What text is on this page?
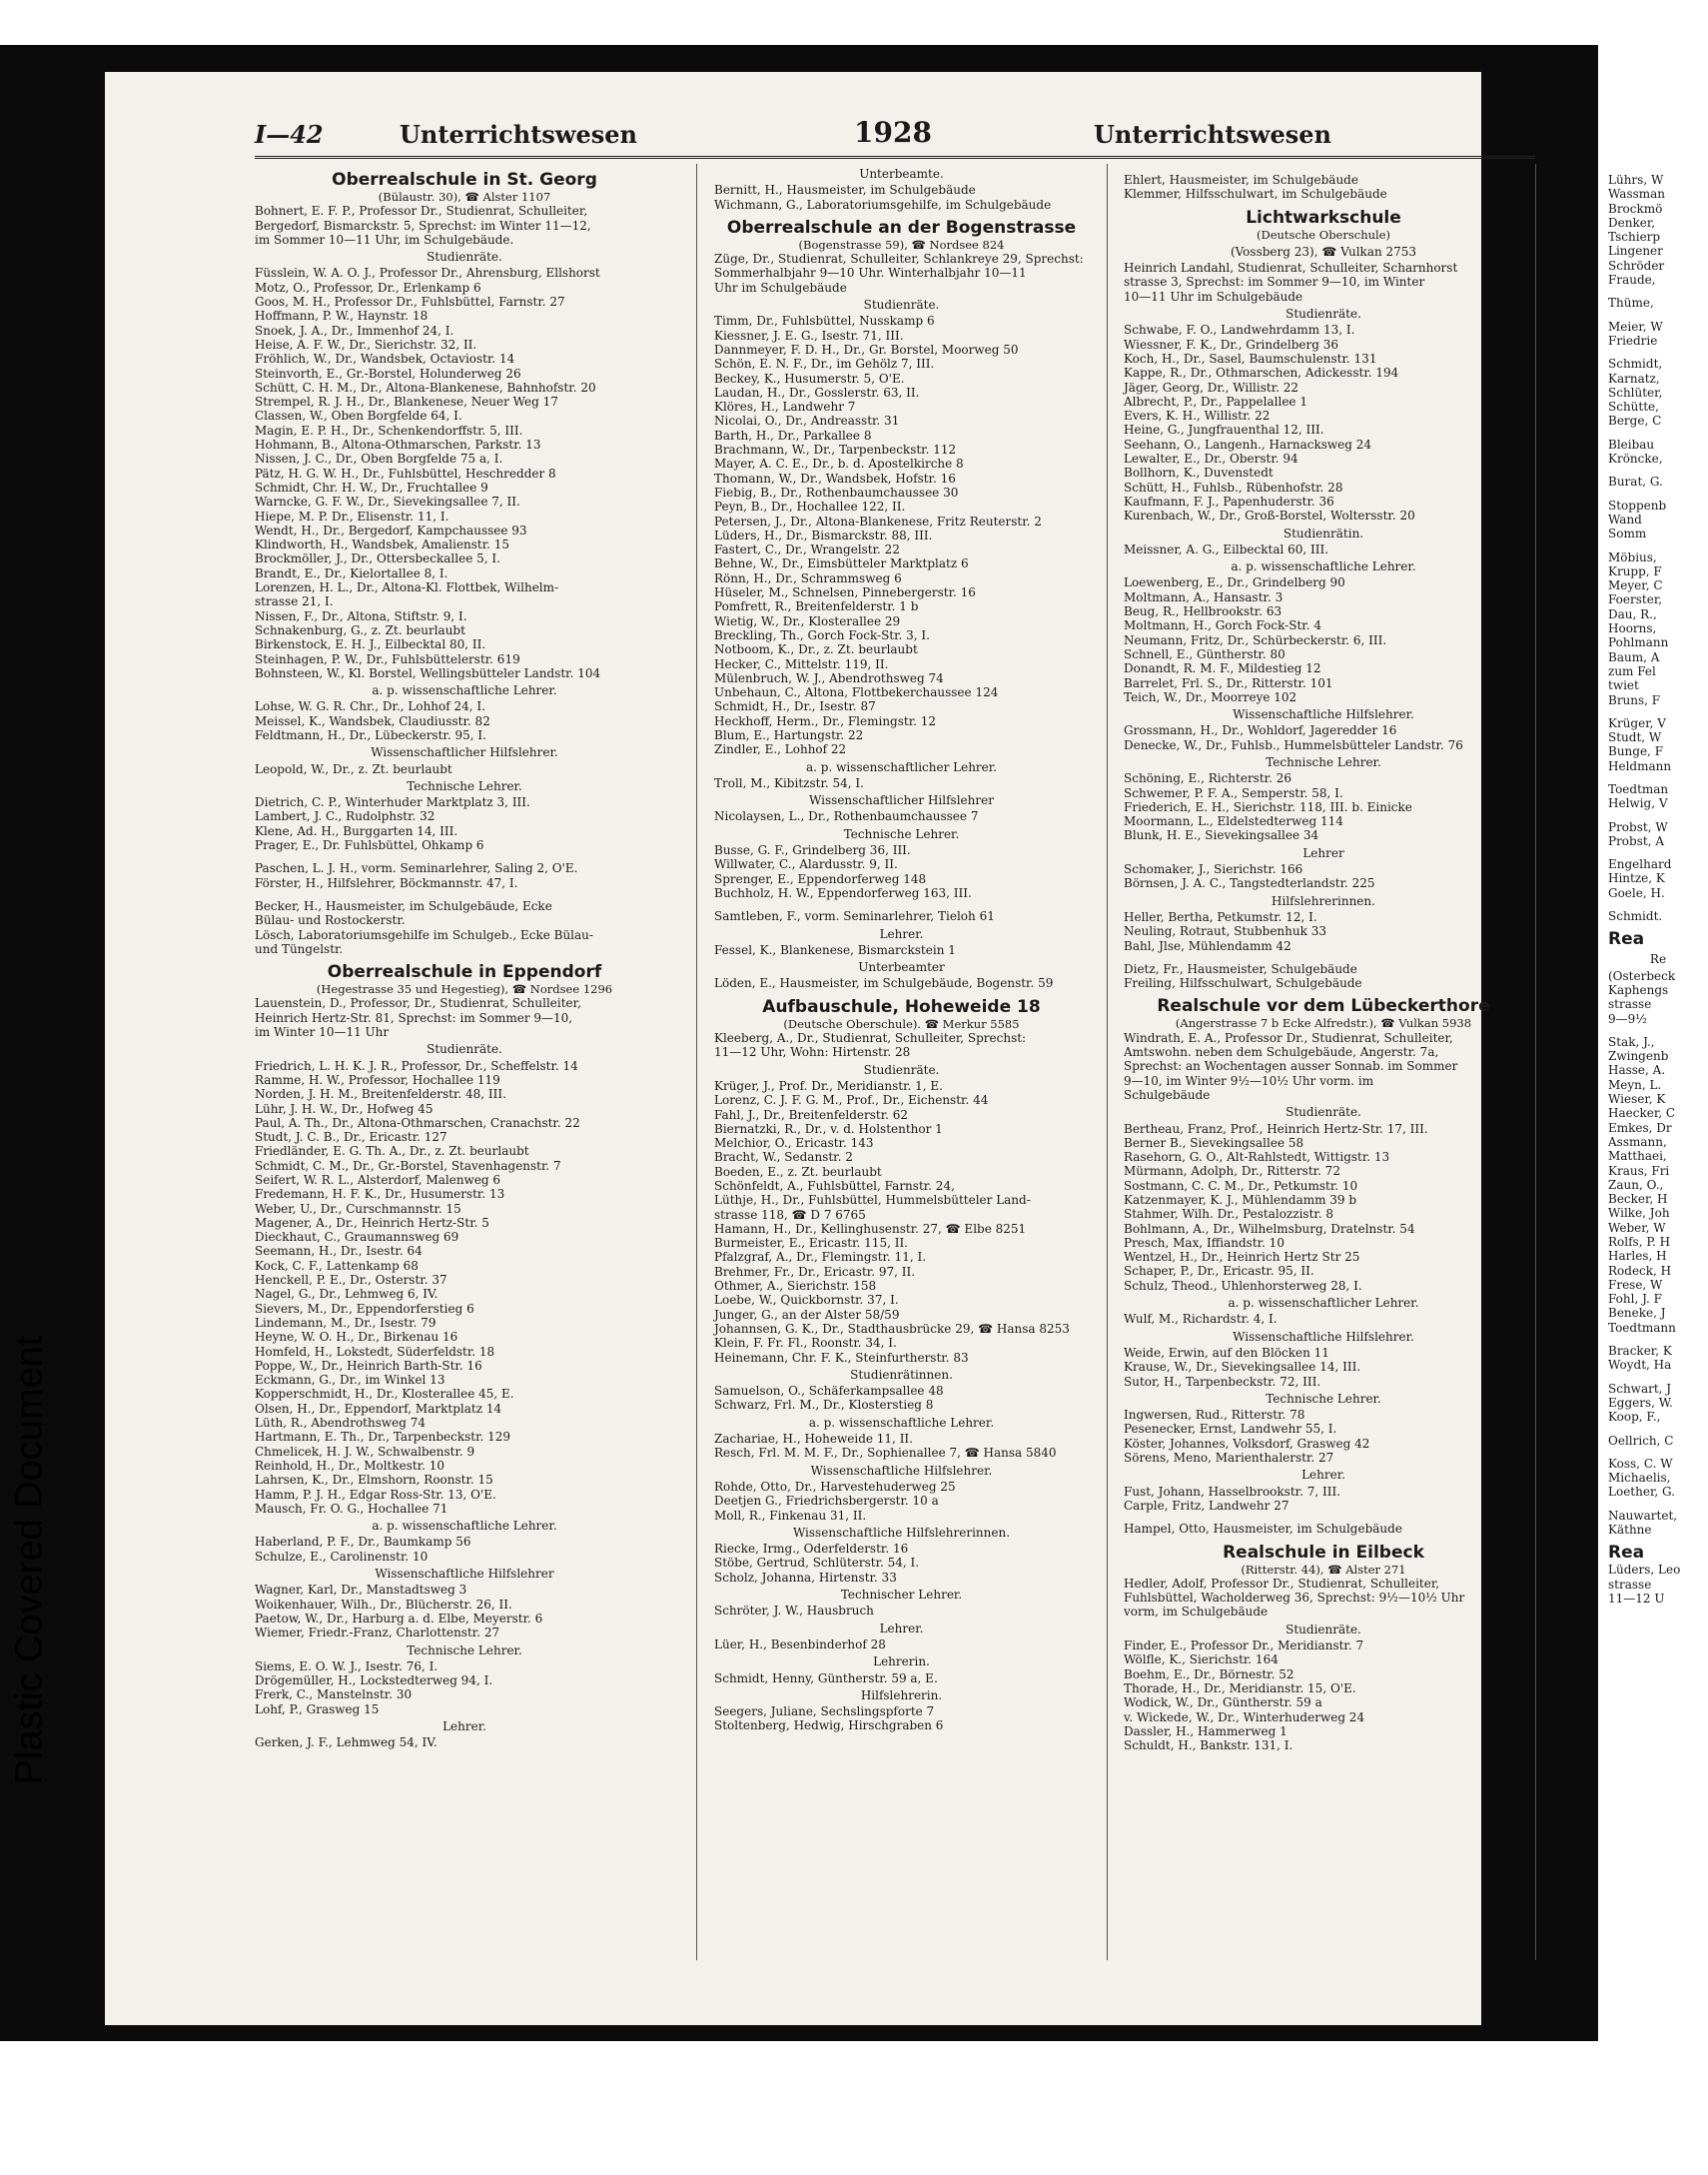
I—42	Unterrichtswesen	1928	Unterrichtswesen
Oberrealschule in St. Georg
(Bülaustr. 30), ☎ Alster 1107
Bohnert, E. F. P., Professor Dr., Studienrat, Schulleiter,
Bergedorf, Bismarckstr. 5, Sprechst: im Winter 11—12,
im Sommer 10—11 Uhr, im Schulgebäude.
Studienräte.
Füsslein, W. A. O. J., Professor Dr., Ahrensburg, Ellshorst
Motz, O., Professor, Dr., Erlenkamp 6
Goos, M. H., Professor Dr., Fuhlsbüttel, Farnstr. 27
Hoffmann, P. W., Haynstr. 18
Snoek, J. A., Dr., Immenhof 24, I.
Heise, A. F. W., Dr., Sierichstr. 32, II.
Fröhlich, W., Dr., Wandsbek, Octaviostr. 14
Steinvorth, E., Gr.-Borstel, Holunderweg 26
Schütt, C. H. M., Dr., Altona-Blankenese, Bahnhofstr. 20
Strempel, R. J. H., Dr., Blankenese, Neuer Weg 17
Classen, W., Oben Borgfelde 64, I.
Magin, E. P. H., Dr., Schenkendorffstr. 5, III.
Hohmann, B., Altona-Othmarschen, Parkstr. 13
Nissen, J. C., Dr., Oben Borgfelde 75 a, I.
Pätz, H. G. W. H., Dr., Fuhlsbüttel, Heschredder 8
Schmidt, Chr. H. W., Dr., Fruchtallee 9
Warncke, G. F. W., Dr., Sievekingsallee 7, II.
Hiepe, M. P. Dr., Elisenstr. 11, I.
Wendt, H., Dr., Bergedorf, Kampchaussee 93
Klindworth, H., Wandsbek, Amalienstr. 15
Brockmöller, J., Dr., Ottersbeckallee 5, I.
Brandt, E., Dr., Kielortallee 8, I.
Lorenzen, H. L., Dr., Altona-Kl. Flottbek, Wilhelm-
strasse 21, I.
Nissen, F., Dr., Altona, Stiftstr. 9, I.
Schnakenburg, G., z. Zt. beurlaubt
Birkenstock, E. H. J., Eilbecktal 80, II.
Steinhagen, P. W., Dr., Fuhlsbüttelerstr. 619
Bohnsteen, W., Kl. Borstel, Wellingsbütteler Landstr. 104
a. p. wissenschaftliche Lehrer.
Lohse, W. G. R. Chr., Dr., Lohhof 24, I.
Meissel, K., Wandsbek, Claudiusstr. 82
Feldtmann, H., Dr., Lübeckerstr. 95, I.
Wissenschaftlicher Hilfslehrer.
Leopold, W., Dr., z. Zt. beurlaubt
Technische Lehrer.
Dietrich, C. P., Winterhuder Marktplatz 3, III.
Lambert, J. C., Rudolphstr. 32
Klene, Ad. H., Burggarten 14, III.
Prager, E., Dr. Fuhlsbüttel, Ohkamp 6
Paschen, L. J. H., vorm. Seminarlehrer, Saling 2, O'E.
Förster, H., Hilfslehrer, Böckmannstr. 47, I.
Becker, H., Hausmeister, im Schulgebäude, Ecke
Bülau- und Rostockerstr.
Lösch, Laboratoriumsgehilfe im Schulgeb., Ecke Bülau-
und Tüngelstr.
Oberrealschule in Eppendorf
(Hegestrasse 35 und Hegestieg), ☎ Nordsee 1296
Lauenstein, D., Professor, Dr., Studienrat, Schulleiter,
Heinrich Hertz-Str. 81, Sprechst: im Sommer 9—10,
im Winter 10—11 Uhr
Studienräte.
Friedrich, L. H. K. J. R., Professor, Dr., Scheffelstr. 14
Ramme, H. W., Professor, Hochallee 119
Norden, J. H. M., Breitenfelderstr. 48, III.
Lühr, J. H. W., Dr., Hofweg 45
Paul, A. Th., Dr., Altona-Othmarschen, Cranachstr. 22
Studt, J. C. B., Dr., Ericastr. 127
Friedländer, E. G. Th. A., Dr., z. Zt. beurlaubt
Schmidt, C. M., Dr., Gr.-Borstel, Stavenhagenstr. 7
Seifert, W. R. L., Alsterdorf, Malenweg 6
Fredemann, H. F. K., Dr., Husumerstr. 13
Weber, U., Dr., Curschmannstr. 15
Magener, A., Dr., Heinrich Hertz-Str. 5
Dieckhaut, C., Graumannsweg 69
Seemann, H., Dr., Isestr. 64
Kock, C. F., Lattenkamp 68
Henckell, P. E., Dr., Osterstr. 37
Nagel, G., Dr., Lehmweg 6, IV.
Sievers, M., Dr., Eppendorferstieg 6
Lindemann, M., Dr., Isestr. 79
Heyne, W. O. H., Dr., Birkenau 16
Homfeld, H., Lokstedt, Süderfeldstr. 18
Poppe, W., Dr., Heinrich Barth-Str. 16
Eckmann, G., Dr., im Winkel 13
Kopperschmidt, H., Dr., Klosterallee 45, E.
Olsen, H., Dr., Eppendorf, Marktplatz 14
Lüth, R., Abendrothsweg 74
Hartmann, E. Th., Dr., Tarpenbeckstr. 129
Chmelicek, H. J. W., Schwalbenstr. 9
Reinhold, H., Dr., Moltkestr. 10
Lahrsen, K., Dr., Elmshorn, Roonstr. 15
Hamm, P. J. H., Edgar Ross-Str. 13, O'E.
Mausch, Fr. O. G., Hochallee 71
a. p. wissenschaftliche Lehrer.
Haberland, P. F., Dr., Baumkamp 56
Schulze, E., Carolinenstr. 10
Wissenschaftliche Hilfslehrer
Wagner, Karl, Dr., Manstadtsweg 3
Woikenhauer, Wilh., Dr., Blücherstr. 26, II.
Paetow, W., Dr., Harburg a. d. Elbe, Meyerstr. 6
Wiemer, Friedr.-Franz, Charlottenstr. 27
Technische Lehrer.
Siems, E. O. W. J., Isestr. 76, I.
Drögemüller, H., Lockstedterweg 94, I.
Frerk, C., Manstelnstr. 30
Lohf, P., Grasweg 15
Lehrer.
Gerken, J. F., Lehmweg 54, IV.
Unterbeamte.
Bernitt, H., Hausmeister, im Schulgebäude
Wichmann, G., Laboratoriumsgehilfe, im Schulgebäude
Oberrealschule an der Bogenstrasse
(Bogenstrasse 59), ☎ Nordsee 824
Züge, Dr., Studienrat, Schulleiter, Schlankreye 29, Sprechst:
Sommerhalbjahr 9—10 Uhr. Winterhalbjahr 10—11
Uhr im Schulgebäude
Studienräte.
Timm, Dr., Fuhlsbüttel, Nusskamp 6
Kiessner, J. E. G., Isestr. 71, III.
Dannmeyer, F. D. H., Dr., Gr. Borstel, Moorweg 50
Schön, E. N. F., Dr., im Gehölz 7, III.
Beckey, K., Husumerstr. 5, O'E.
Laudan, H., Dr., Gosslerstr. 63, II.
Klöres, H., Landwehr 7
Nicolai, O., Dr., Andreasstr. 31
Barth, H., Dr., Parkallee 8
Brachmann, W., Dr., Tarpenbeckstr. 112
Mayer, A. C. E., Dr., b. d. Apostelkirche 8
Thomann, W., Dr., Wandsbek, Hofstr. 16
Fiebig, B., Dr., Rothenbaumchaussee 30
Peyn, B., Dr., Hochallee 122, II.
Petersen, J., Dr., Altona-Blankenese, Fritz Reuterstr. 2
Lüders, H., Dr., Bismarckstr. 88, III.
Fastert, C., Dr., Wrangelstr. 22
Behne, W., Dr., Eimsbütteler Marktplatz 6
Rönn, H., Dr., Schrammsweg 6
Hüseler, M., Schnelsen, Pinnebergerstr. 16
Pomfrett, R., Breitenfelderstr. 1 b
Wietig, W., Dr., Klosterallee 29
Breckling, Th., Gorch Fock-Str. 3, I.
Notboom, K., Dr., z. Zt. beurlaubt
Hecker, C., Mittelstr. 119, II.
Mülenbruch, W. J., Abendrothsweg 74
Unbehaun, C., Altona, Flottbekerchaussee 124
Schmidt, H., Dr., Isestr. 87
Heckhoff, Herm., Dr., Flemingstr. 12
Blum, E., Hartungstr. 22
Zindler, E., Lohhof 22
a. p. wissenschaftlicher Lehrer.
Troll, M., Kibitzstr. 54, I.
Wissenschaftlicher Hilfslehrer
Nicolaysen, L., Dr., Rothenbaumchaussee 7
Technische Lehrer.
Busse, G. F., Grindelberg 36, III.
Willwater, C., Alardusstr. 9, II.
Sprenger, E., Eppendorferweg 148
Buchholz, H. W., Eppendorferweg 163, III.
Samtleben, F., vorm. Seminarlehrer, Tieloh 61
Lehrer.
Fessel, K., Blankenese, Bismarckstein 1
Unterbeamter
Löden, E., Hausmeister, im Schulgebäude, Bogenstr. 59
Aufbauschule, Hoheweide 18
(Deutsche Oberschule). ☎ Merkur 5585
Kleeberg, A., Dr., Studienrat, Schulleiter, Sprechst:
11—12 Uhr, Wohn: Hirtenstr. 28
Studienräte.
Krüger, J., Prof. Dr., Meridianstr. 1, E.
Lorenz, C. J. F. G. M., Prof., Dr., Eichenstr. 44
Fahl, J., Dr., Breitenfelderstr. 62
Biernatzki, R., Dr., v. d. Holstenthor 1
Melchior, O., Ericastr. 143
Bracht, W., Sedanstr. 2
Boeden, E., z. Zt. beurlaubt
Schönfeldt, A., Fuhlsbüttel, Farnstr. 24,
Lüthje, H., Dr., Fuhlsbüttel, Hummelsbütteler Land-
strasse 118, ☎ D 7 6765
Hamann, H., Dr., Kellinghusenstr. 27, ☎ Elbe 8251
Burmeister, E., Ericastr. 115, II.
Pfalzgraf, A., Dr., Flemingstr. 11, I.
Brehmer, Fr., Dr., Ericastr. 97, II.
Othmer, A., Sierichstr. 158
Loebe, W., Quickbornstr. 37, I.
Junger, G., an der Alster 58/59
Johannsen, G. K., Dr., Stadthausbrücke 29, ☎ Hansa 8253
Klein, F. Fr. Fl., Roonstr. 34, I.
Heinemann, Chr. F. K., Steinfurtherstr. 83
Studienrätinnen.
Samuelson, O., Schäferkampsallee 48
Schwarz, Frl. M., Dr., Klosterstieg 8
a. p. wissenschaftliche Lehrer.
Zachariae, H., Hoheweide 11, II.
Resch, Frl. M. M. F., Dr., Sophienallee 7, ☎ Hansa 5840
Wissenschaftliche Hilfslehrer.
Rohde, Otto, Dr., Harvestehuderweg 25
Deetjen G., Friedrichsbergerstr. 10 a
Moll, R., Finkenau 31, II.
Wissenschaftliche Hilfslehrerinnen.
Riecke, Irmg., Oderfelderstr. 16
Stöbe, Gertrud, Schlüterstr. 54, I.
Scholz, Johanna, Hirtenstr. 33
Technischer Lehrer.
Schröter, J. W., Hausbruch
Lehrer.
Lüer, H., Besenbinderhof 28
Lehrerin.
Schmidt, Henny, Güntherstr. 59 a, E.
Hilfslehrerin.
Seegers, Juliane, Sechslingspforte 7
Stoltenberg, Hedwig, Hirschgraben 6
Ehlert, Hausmeister, im Schulgebäude
Klemmer, Hilfsschulwart, im Schulgebäude
Lichtwarkschule
(Deutsche Oberschule)
(Vossberg 23), ☎ Vulkan 2753
Heinrich Landahl, Studienrat, Schulleiter, Scharnhorst
strasse 3, Sprechst: im Sommer 9—10, im Winter
10—11 Uhr im Schulgebäude
Studienräte.
Schwabe, F. O., Landwehrdamm 13, I.
Wiessner, F. K., Dr., Grindelberg 36
Koch, H., Dr., Sasel, Baumschulenstr. 131
Kappe, R., Dr., Othmarschen, Adickesstr. 194
Jäger, Georg, Dr., Willistr. 22
Albrecht, P., Dr., Pappelallee 1
Evers, K. H., Willistr. 22
Heine, G., Jungfrauenthal 12, III.
Seehann, O., Langenh., Harnacksweg 24
Lewalter, E., Dr., Oberstr. 94
Bollhorn, K., Duvenstedt
Schütt, H., Fuhlsb., Rübenhofstr. 28
Kaufmann, F. J., Papenhuderstr. 36
Kurenbach, W., Dr., Groß-Borstel, Woltersstr. 20
Studienrätin.
Meissner, A. G., Eilbecktal 60, III.
a. p. wissenschaftliche Lehrer.
Loewenberg, E., Dr., Grindelberg 90
Moltmann, A., Hansastr. 3
Beug, R., Hellbrookstr. 63
Moltmann, H., Gorch Fock-Str. 4
Neumann, Fritz, Dr., Schürbeckerstr. 6, III.
Schnell, E., Güntherstr. 80
Donandt, R. M. F., Mildestieg 12
Barrelet, Frl. S., Dr., Ritterstr. 101
Teich, W., Dr., Moorreye 102
Wissenschaftliche Hilfslehrer.
Grossmann, H., Dr., Wohldorf, Jageredder 16
Denecke, W., Dr., Fuhlsb., Hummelsbütteler Landstr. 76
Technische Lehrer.
Schöning, E., Richterstr. 26
Schwemer, P. F. A., Semperstr. 58, I.
Friederich, E. H., Sierichstr. 118, III. b. Einicke
Moormann, L., Eldelstedterweg 114
Blunk, H. E., Sievekingsallee 34
Lehrer
Schomaker, J., Sierichstr. 166
Börnsen, J. A. C., Tangstedterlandstr. 225
Hilfslehrerinnen.
Heller, Bertha, Petkumstr. 12, I.
Neuling, Rotraut, Stubbenhuk 33
Bahl, Jlse, Mühlendamm 42
Dietz, Fr., Hausmeister, Schulgebäude
Freiling, Hilfsschulwart, Schulgebäude
Realschule vor dem Lübeckerthore
(Angerstrasse 7 b Ecke Alfredstr.), ☎ Vulkan 5938
Windrath, E. A., Professor Dr., Studienrat, Schulleiter,
Amtswohn. neben dem Schulgebäude, Angerstr. 7a,
Sprechst: an Wochentagen ausser Sonnab. im Sommer
9—10, im Winter 9½—10½ Uhr vorm. im
Schulgebäude
Studienräte.
Bertheau, Franz, Prof., Heinrich Hertz-Str. 17, III.
Berner B., Sievekingsallee 58
Rasehorn, G. O., Alt-Rahlstedt, Wittigstr. 13
Mürmann, Adolph, Dr., Ritterstr. 72
Sostmann, C. C. M., Dr., Petkumstr. 10
Katzenmayer, K. J., Mühlendamm 39 b
Stahmer, Wilh. Dr., Pestalozzistr. 8
Bohlmann, A., Dr., Wilhelmsburg, Dratelnstr. 54
Presch, Max, Iffiandstr. 10
Wentzel, H., Dr., Heinrich Hertz Str 25
Schaper, P., Dr., Ericastr. 95, II.
Schulz, Theod., Uhlenhorsterweg 28, I.
a. p. wissenschaftlicher Lehrer.
Wulf, M., Richardstr. 4, I.
Wissenschaftliche Hilfslehrer.
Weide, Erwin, auf den Blöcken 11
Krause, W., Dr., Sievekingsallee 14, III.
Sutor, H., Tarpenbeckstr. 72, III.
Technische Lehrer.
Ingwersen, Rud., Ritterstr. 78
Pesenecker, Ernst, Landwehr 55, I.
Köster, Johannes, Volksdorf, Grasweg 42
Sörens, Meno, Marienthalerstr. 27
Lehrer.
Fust, Johann, Hasselbrookstr. 7, III.
Carple, Fritz, Landwehr 27
Hampel, Otto, Hausmeister, im Schulgebäude
Realschule in Eilbeck
(Ritterstr. 44), ☎ Alster 271
Hedler, Adolf, Professor Dr., Studienrat, Schulleiter,
Fuhlsbüttel, Wacholderweg 36, Sprechst: 9½—10½ Uhr
vorm, im Schulgebäude
Studienräte.
Finder, E., Professor Dr., Meridianstr. 7
Wölfle, K., Sierichstr. 164
Boehm, E., Dr., Börnestr. 52
Thorade, H., Dr., Meridianstr. 15, O'E.
Wodick, W., Dr., Güntherstr. 59 a
v. Wickede, W., Dr., Winterhuderweg 24
Dassler, H., Hammerweg 1
Schuldt, H., Bankstr. 131, I.
Lührs, W
Wassman
Brockmö
Denker,
Tschierp
Lingener
Schröder
Fraude,
Thüme,
Meier, W
Friedrie
Schmidt,
Karnatz,
Schlüter,
Schütte,
Berge, C
Bleibau
Kröncke,
Burat, G.
Stoppenb
Wand
Somm
Möbius,
Krupp, F
Meyer, C
Foerster,
Dau, R.,
Hoorns,
Pohlmann
Baum, A
zum Fel
twiet
Bruns, F
Krüger, V
Studt, W
Bunge, F
Heldmann
Toedtman
Helwig, V
Probst, W
Probst, A
Engelhard
Hintze, K
Goele, H.
Schmidt.
Rea
Re
(Osterbeck
Kaphengs
strasse
9—9½
Stak, J.,
Zwingenb
Hasse, A.
Meyn, L.
Wieser, K
Haecker, C
Emkes, Dr
Assmann,
Matthaei,
Kraus, Fri
Zaun, O.,
Becker, H
Wilke, Joh
Weber, W
Rolfs, P. H
Harles, H
Rodeck, H
Frese, W
Fohl, J. F
Beneke, J
Toedtmann
Bracker, K
Woydt, Ha
Schwart, J
Eggers, W.
Koop, F.,
Oellrich, C
Koss, C. W
Michaelis,
Loether, G.
Nauwartet,
Käthne
Rea
Lüders, Leo
strasse
11—12 U
Plastic Covered Document
